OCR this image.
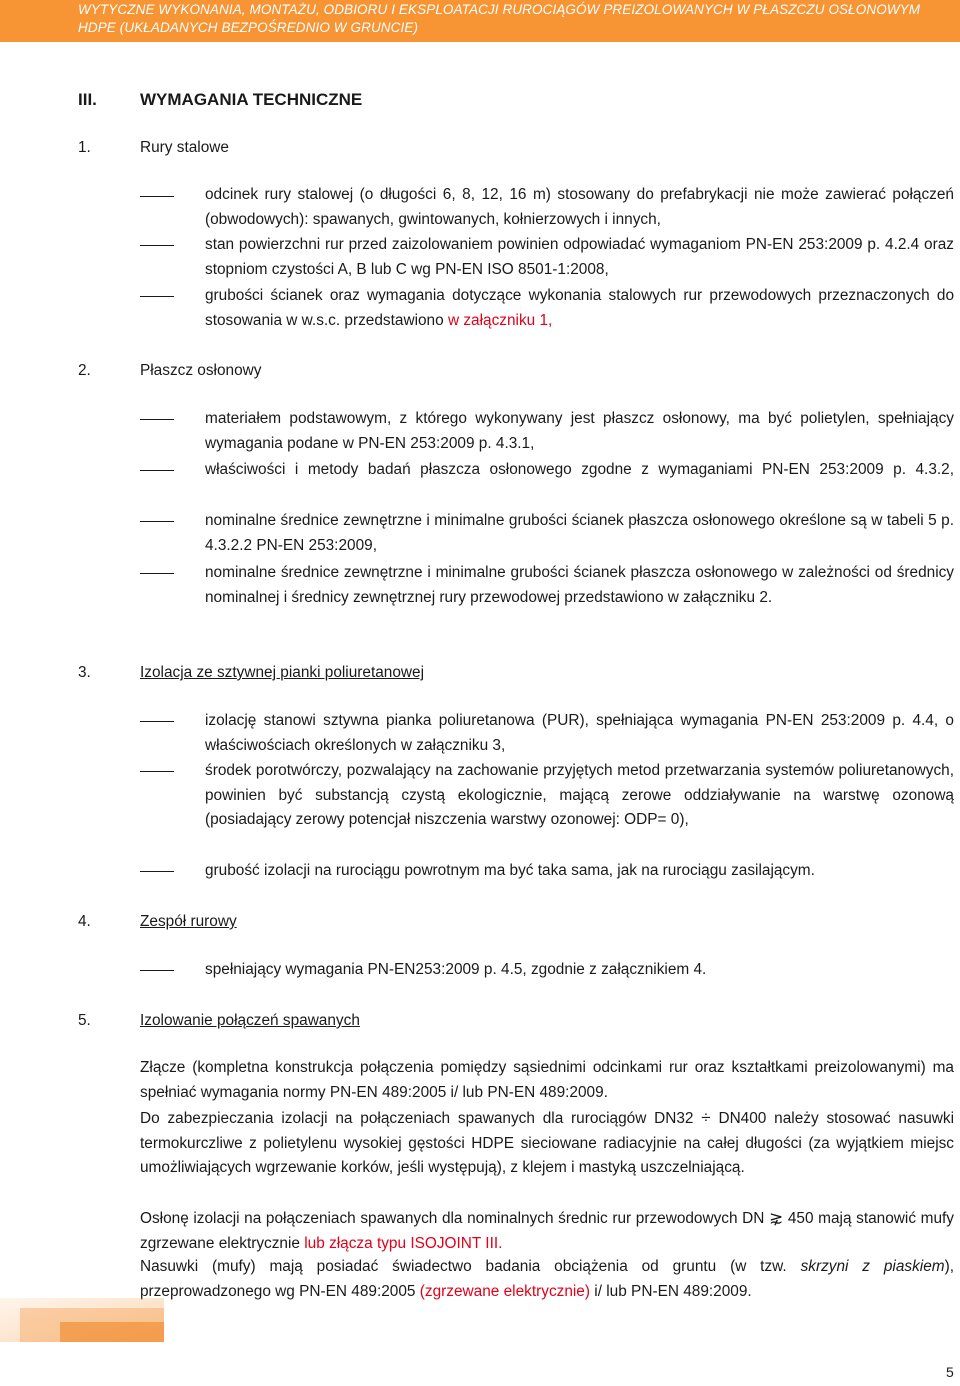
WYTYCZNE WYKONANIA, MONTAŻU, ODBIORU I EKSPLOATACJI RUROCIĄGÓW PREIZOLOWANYCH W PŁASZCZU OSŁONOWYM
HDPE (UKŁADANYCH BEZPOŚREDNIO W GRUNCIE)
III.	WYMAGANIA TECHNICZNE
1.	Rury stalowe
odcinek rury stalowej (o długości 6, 8, 12, 16 m) stosowany do prefabrykacji nie może zawierać połączeń (obwodowych): spawanych, gwintowanych, kołnierzowych i innych,
stan powierzchni rur przed zaizolowaniem powinien odpowiadać wymaganiom PN-EN 253:2009 p. 4.2.4 oraz stopniom czystości A, B lub C wg PN-EN ISO 8501-1:2008,
grubości ścianek oraz wymagania dotyczące wykonania stalowych rur przewodowych przeznaczonych do stosowania w w.s.c. przedstawiono w załączniku 1,
2.	Płaszcz osłonowy
materiałem podstawowym, z którego wykonywany jest płaszcz osłonowy, ma być polietylen, spełniający wymagania podane w PN-EN 253:2009 p. 4.3.1,
właściwości i metody badań płaszcza osłonowego zgodne z wymaganiami PN-EN 253:2009 p. 4.3.2,
nominalne średnice zewnętrzne i minimalne grubości ścianek płaszcza osłonowego określone są w tabeli 5 p. 4.3.2.2 PN-EN 253:2009,
nominalne średnice zewnętrzne i minimalne grubości ścianek płaszcza osłonowego w zależności od średnicy nominalnej i średnicy zewnętrznej rury przewodowej przedstawiono w załączniku 2.
3.	Izolacja ze sztywnej pianki poliuretanowej
izolację stanowi sztywna pianka poliuretanowa (PUR), spełniająca wymagania PN-EN 253:2009 p. 4.4, o właściwościach określonych w załączniku 3,
środek porotwórczy, pozwalający na zachowanie przyjętych metod przetwarzania systemów poliuretanowych, powinien być substancją czystą ekologicznie, mającą zerowe oddziaływanie na warstwę ozonową (posiadający zerowy potencjał niszczenia warstwy ozonowej: ODP= 0),
grubość izolacji na rurociągu powrotnym ma być taka sama, jak na rurociągu zasilającym.
4.	Zespół rurowy
spełniający wymagania PN-EN253:2009 p. 4.5, zgodnie z załącznikiem 4.
5.	Izolowanie połączeń spawanych
Złącze (kompletna konstrukcja połączenia pomiędzy sąsiednimi odcinkami rur oraz kształtkami preizolowanymi) ma spełniać wymagania normy PN-EN 489:2005 i/ lub PN-EN 489:2009.
Do zabezpieczania izolacji na połączeniach spawanych dla rurociągów DN32 ÷ DN400 należy stosować nasuwki termokurczliwe z polietylenu wysokiej gęstości HDPE sieciowane radiacyjnie na całej długości (za wyjątkiem miejsc umożliwiających wgrzewanie korków, jeśli występują), z klejem i mastyką uszczelniającą.
Osłonę izolacji na połączeniach spawanych dla nominalnych średnic rur przewodowych DN ⋧ 450 mają stanowić mufy zgrzewane elektrycznie lub złącza typu ISOJOINT III.
Nasuwki (mufy) mają posiadać świadectwo badania obciążenia od gruntu (w tzw. skrzyni z piaskiem), przeprowadzonego wg PN-EN 489:2005 (zgrzewane elektrycznie) i/ lub PN-EN 489:2009.
5
